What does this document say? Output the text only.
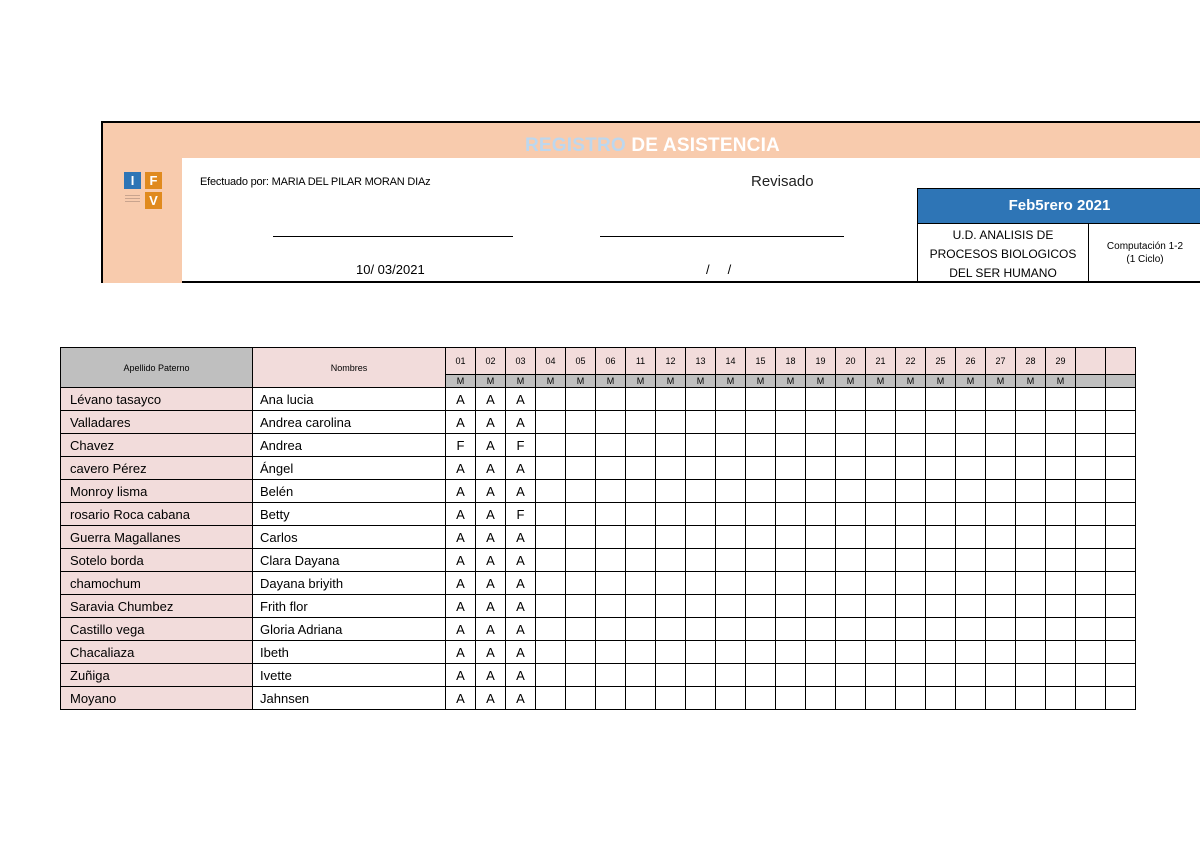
REGISTRO DE ASISTENCIA
I	F
V
Efectuado por: MARIA DEL PILAR MORAN DIAz	Revisado
10/ 03/2021	/     /
Feb5rero 2021
U.D. ANALISIS DE
PROCESOS BIOLOGICOS
DEL SER HUMANO
Computación 1-2
(1 Ciclo)
Apellido Paterno	Nombres	01	02	03	04	05	06	11	12	13	14	15	18	19	20	21	22	25	26	27	28	29		
		M	M	M	M	M	M	M	M	M	M	M	M	M	M	M	M	M	M	M	M	M		
Lévano tasayco	Ana lucia	A	A	A																				
Valladares	Andrea carolina	A	A	A																				
Chavez	Andrea	F	A	F																				
cavero Pérez	Ángel	A	A	A																				
Monroy lisma	Belén	A	A	A																				
rosario Roca cabana	Betty	A	A	F																				
Guerra Magallanes	Carlos	A	A	A																				
Sotelo borda	Clara Dayana	A	A	A																				
chamochum	Dayana briyith	A	A	A																				
Saravia Chumbez	Frith flor	A	A	A																				
Castillo vega	Gloria Adriana	A	A	A																				
Chacaliaza	Ibeth	A	A	A																				
Zuñiga	Ivette	A	A	A																				
Moyano	Jahnsen	A	A	A																				
